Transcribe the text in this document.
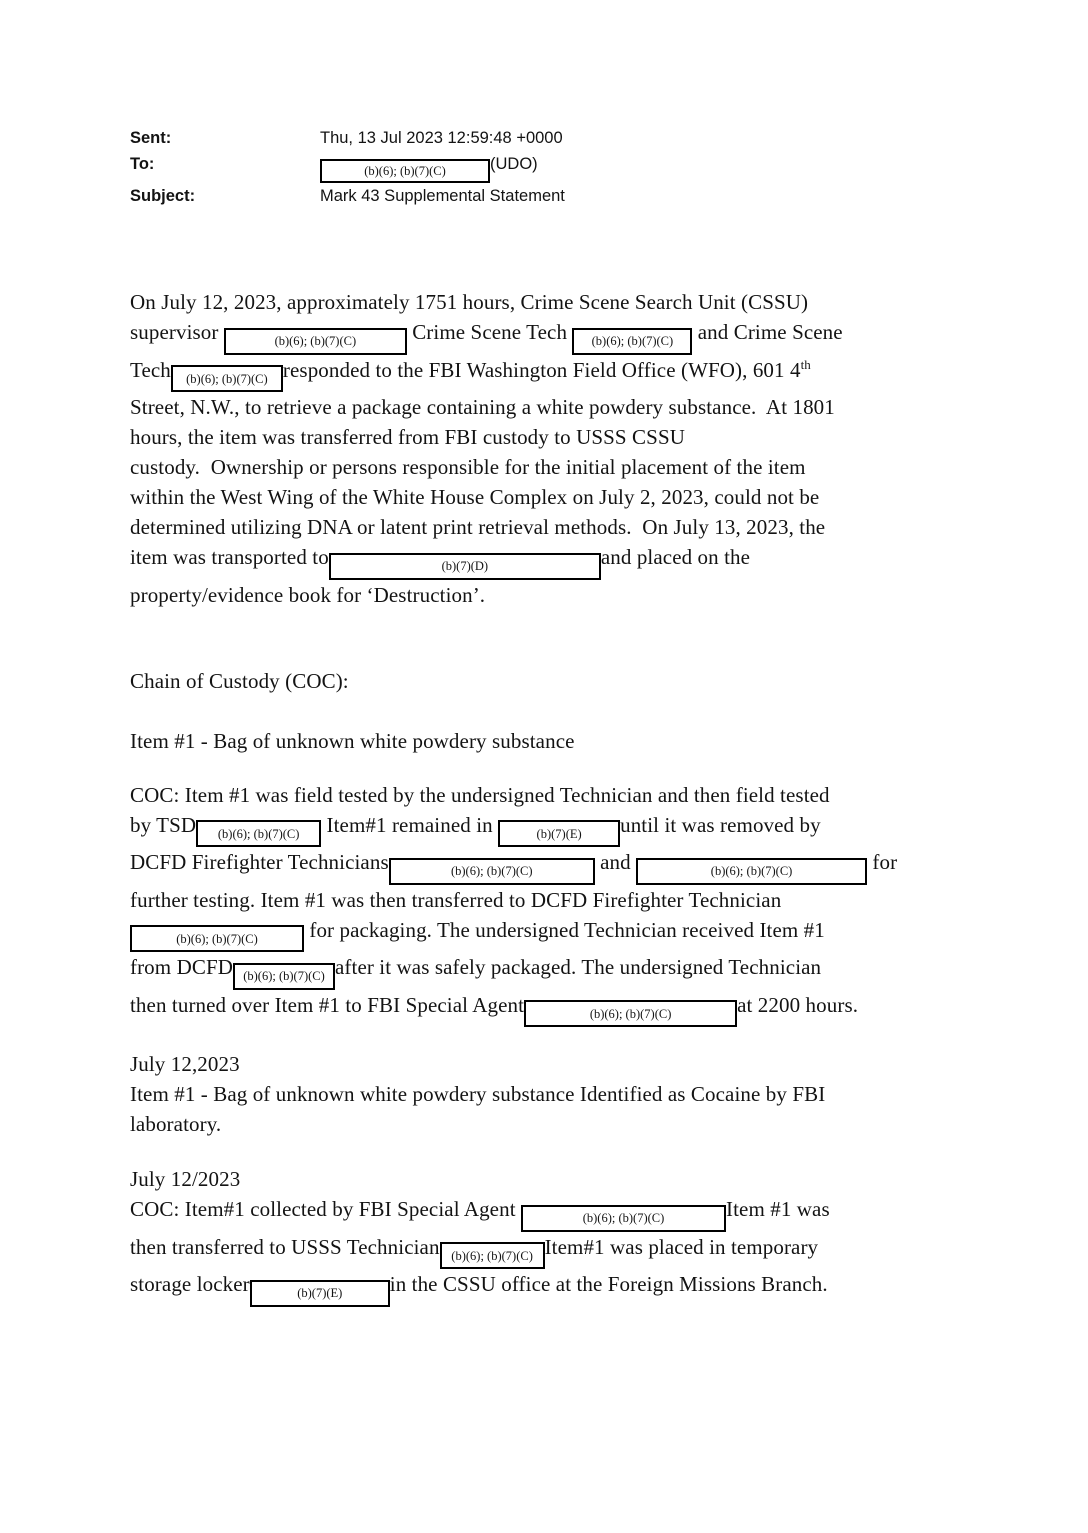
Sent:	Thu, 13 Jul 2023 12:59:48 +0000
To:	(b)(6); (b)(7)(C)	(UDO)
Subject:	Mark 43 Supplemental Statement
On July 12, 2023, approximately 1751 hours, Crime Scene Search Unit (CSSU)
supervisor	(b)(6); (b)(7)(C) Crime Scene Tech (b)(6); (b)(7)(C) and Crime Scene
Tech (b)(6); (b)(7)(C) responded to the FBI Washington Field Office (WFO), 601 4th
Street, N.W., to retrieve a package containing a white powdery substance.  At 1801
hours, the item was transferred from FBI custody to USSS CSSU
custody.  Ownership or persons responsible for the initial placement of the item
within the West Wing of the White House Complex on July 2, 2023, could not be
determined utilizing DNA or latent print retrieval methods.  On July 13, 2023, the
item was transported to	(b)(7)(D)	and placed on the
property/evidence book for ‘Destruction’.
Chain of Custody (COC):
Item #1 - Bag of unknown white powdery substance
COC: Item #1 was field tested by the undersigned Technician and then field tested
by TSD (b)(6); (b)(7)(C) Item#1 remained in	(b)(7)(E) until it was removed by
DCFD Firefighter Technicians	(b)(6); (b)(7)(C)	and	(b)(6); (b)(7)(C)	for
further testing. Item #1 was then transferred to DCFD Firefighter Technician
(b)(6); (b)(7)(C) for packaging. The undersigned Technician received Item #1
from DCFD (b)(6); (b)(7)(C) after it was safely packaged. The undersigned Technician
then turned over Item #1 to FBI Special Agent	(b)(6); (b)(7)(C)	at 2200 hours.
July 12,2023
Item #1 - Bag of unknown white powdery substance Identified as Cocaine by FBI
laboratory.
July 12/2023
COC: Item#1 collected by FBI Special Agent	(b)(6); (b)(7)(C)	Item #1 was
then transferred to USSS Technician (b)(6); (b)(7)(C) Item#1 was placed in temporary
storage locker	(b)(7)(E) in the CSSU office at the Foreign Missions Branch.
